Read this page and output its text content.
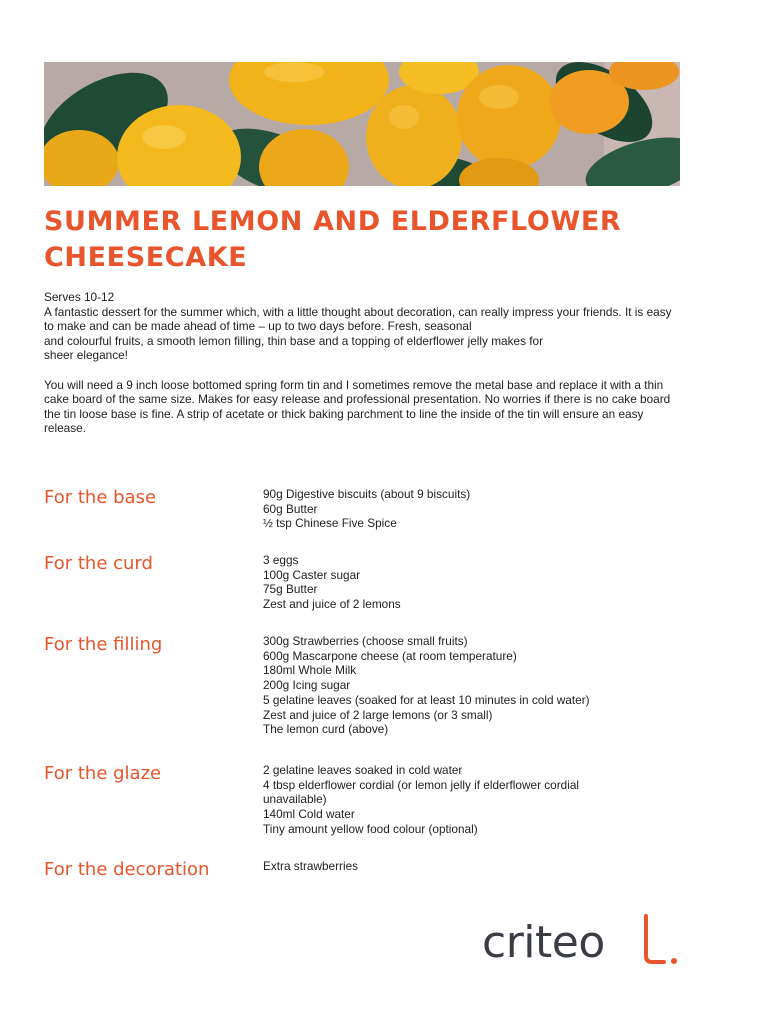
SUMMER LEMON AND ELDERFLOWER
CHEESECAKE
Serves 10-12

A fantastic dessert for the summer which, with a little thought about decoration, can really impress your friends. It is easy to make and can be made ahead of time – up to two days before. Fresh, seasonal
and colourful fruits, a smooth lemon filling, thin base and a topping of elderflower jelly makes for
sheer elegance!

You will need a 9 inch loose bottomed spring form tin and I sometimes remove the metal base and replace it with a thin cake board of the same size. Makes for easy release and professional presentation. No worries if there is no cake board the tin loose base is fine. A strip of acetate or thick baking parchment to line the inside of the tin will ensure an easy release.

For the base	90g Digestive biscuits (about 9 biscuits)
60g Butter
½ tsp Chinese Five Spice
For the curd	3 eggs
100g Caster sugar
75g Butter
Zest and juice of 2 lemons
For the filling	300g Strawberries (choose small fruits)
600g Mascarpone cheese (at room temperature)
180ml Whole Milk
200g Icing sugar
5 gelatine leaves (soaked for at least 10 minutes in cold water)
Zest and juice of 2 large lemons (or 3 small)
The lemon curd (above)
For the glaze	2 gelatine leaves soaked in cold water
4 tbsp elderflower cordial (or lemon jelly if elderflower cordial unavailable)
140ml Cold water
Tiny amount yellow food colour (optional)
For the decoration	Extra strawberries
criteo
